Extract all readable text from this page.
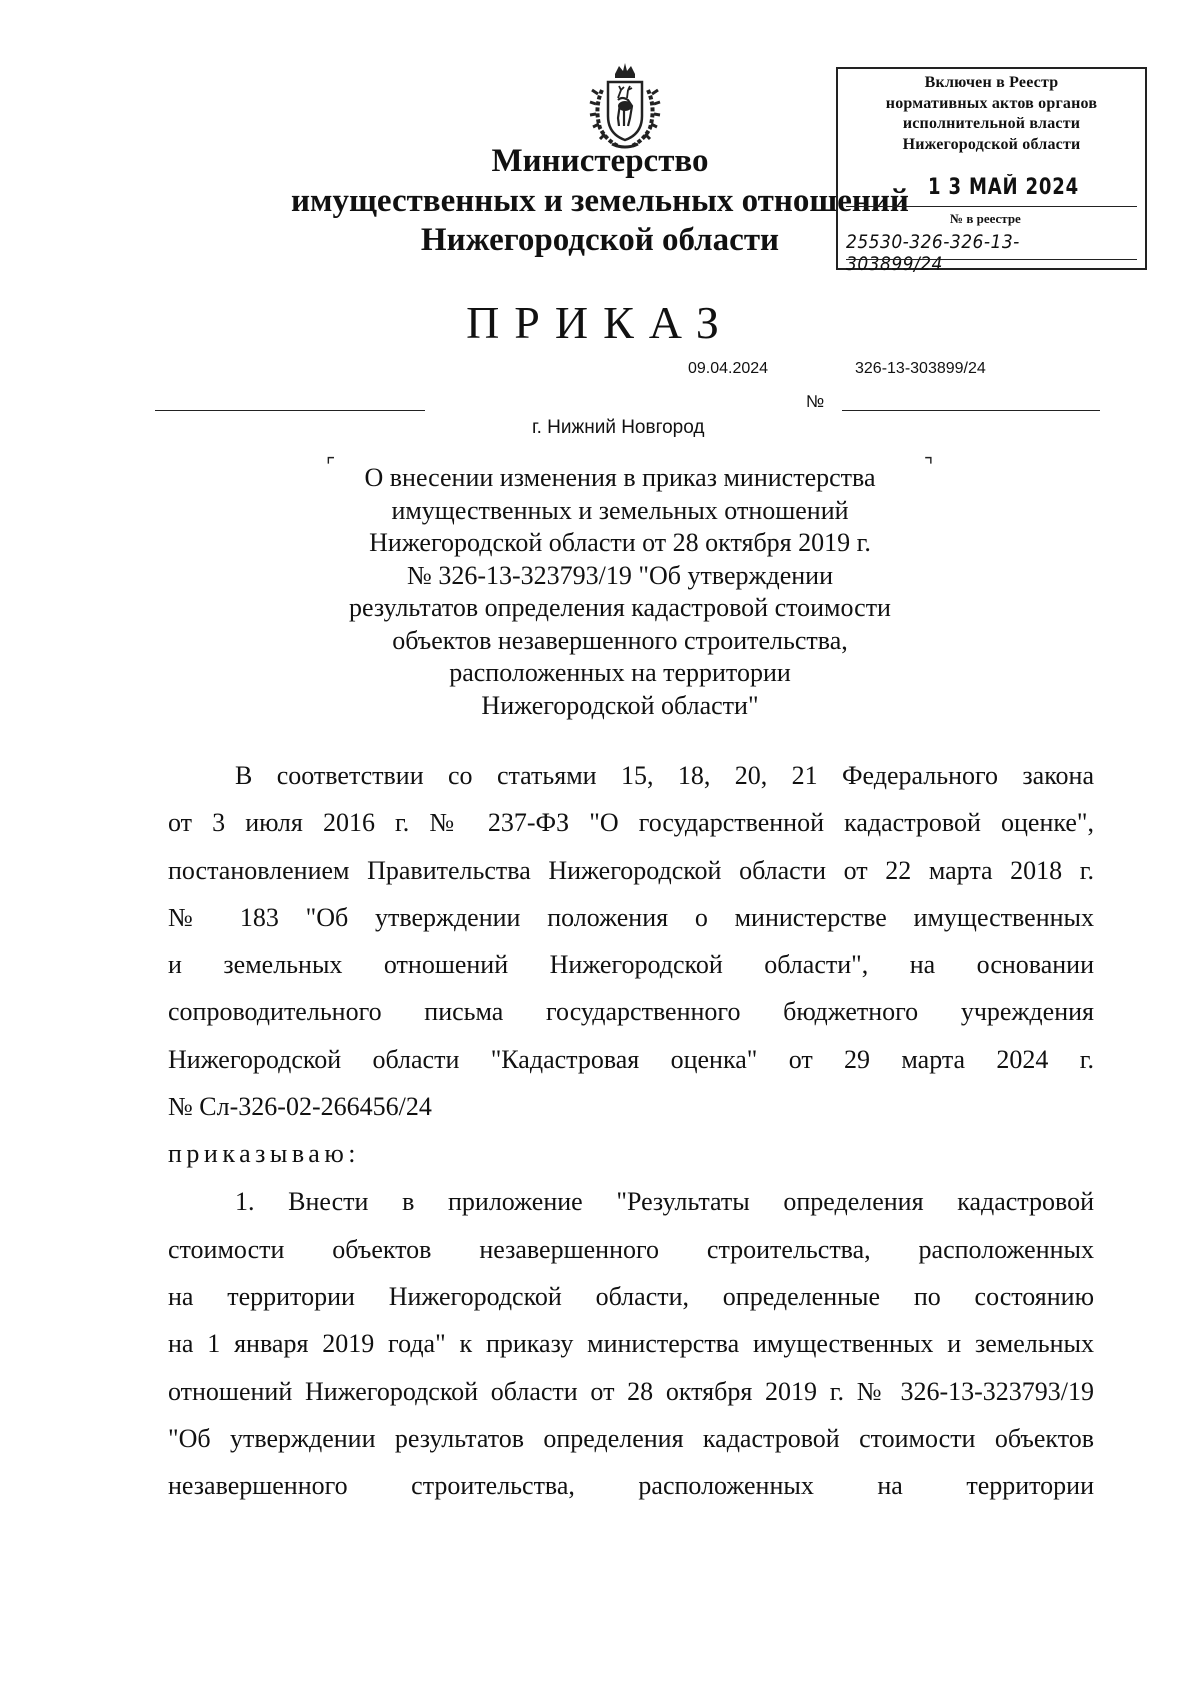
Министерство
имущественных и земельных отношений
Нижегородской области
Включен в Реестр
нормативных актов органов
исполнительной власти
Нижегородской области
1 3 МАЙ 2024
№ в реестре
25530-326-326-13-303899/24
ПРИКАЗ
09.04.2024	326-13-303899/24
№
г. Нижний Новгород
⌜	⌝
О внесении изменения в приказ министерства
имущественных и земельных отношений
Нижегородской области от 28 октября 2019 г.
№ 326-13-323793/19 "Об утверждении
результатов определения кадастровой стоимости
объектов незавершенного строительства,
расположенных на территории
Нижегородской области"
В соответствии со статьями 15, 18, 20, 21 Федерального закона
от 3 июля 2016 г. № 237-ФЗ "О государственной кадастровой оценке",
постановлением Правительства Нижегородской области от 22 марта 2018 г.
№ 183 "Об утверждении положения о министерстве имущественных
и земельных отношений Нижегородской области", на основании
сопроводительного письма государственного бюджетного учреждения
Нижегородской области "Кадастровая оценка" от 29 марта 2024 г.
№ Сл-326-02-266456/24
приказываю:
1. Внести в приложение "Результаты определения кадастровой
стоимости объектов незавершенного строительства, расположенных
на территории Нижегородской области, определенные по состоянию
на 1 января 2019 года" к приказу министерства имущественных и земельных
отношений Нижегородской области от 28 октября 2019 г. № 326-13-323793/19
"Об утверждении результатов определения кадастровой стоимости объектов
незавершенного строительства, расположенных на территории
